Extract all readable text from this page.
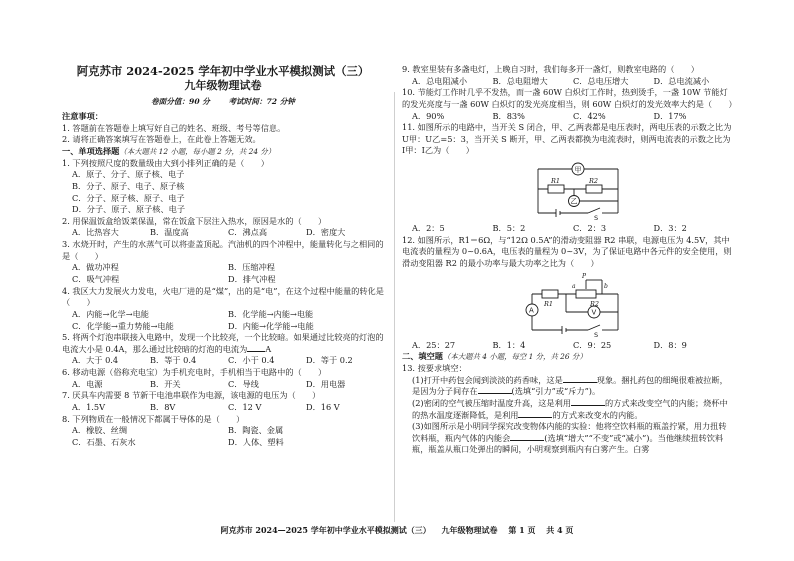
阿克苏市 2024-2025 学年初中学业水平模拟测试（三）
九年级物理试卷
卷面分值：90 分 考试时间：72 分钟
注意事项：
1. 答题前在答题卷上填写好自己的姓名、班级、考号等信息。
2. 请将正确答案填写在答题卷上，在此卷上答题无效。
一、单项选择题（本大题共 12 小题，每小题 2 分，共 24 分）
1. 下列按照尺度的数量级由大到小排列正确的是（　　）
A．原子、分子、原子核、电子
B．分子、原子、电子、原子核
C．分子、原子核、原子、电子
D．分子、原子、原子核、电子
2. 用保温饭盒给饭菜保温，常在饭盒下层注入热水，原因是水的（　　）
A．比热容大	B．温度高	C．沸点高	D．密度大
3. 水烧开时，产生的水蒸气可以将壶盖顶起。汽油机的四个冲程中，能量转化与之相同的是（　　）
A．做功冲程	B．压缩冲程
C．吸气冲程	D．排气冲程
4. 我区大力发展火力发电，火电厂进的是“煤”，出的是“电”，在这个过程中能量的转化是（　　）
A．内能→化学→电能	B．化学能→内能→电能
C．化学能→重力势能→电能	D．内能→化学能→电能
5. 将两个灯泡串联接入电路中，发现一个比较亮，一个比较暗。如果通过比较亮的灯泡的电流大小是 0.4A，那么通过比较暗的灯泡的电流为 A
A．大于 0.4	B．等于 0.4	C．小于 0.4	D．等于 0.2
6. 移动电源（俗称充电宝）为手机充电时，手机相当于电路中的（　　）
A．电源	B．开关	C．导线	D．用电器
7. 厌具车内需要 8 节新干电池串联作为电源，该电源的电压为（　　）
A．1.5V	B．8V	C．12 V	D．16 V
8. 下列物质在一般情况下都属于导体的是（　　）
A．橡胶、丝绸	B．陶瓷、金属
C．石墨、石灰水	D．人体、塑料
9. 教室里装有多盏电灯，上晚自习时，我们每多开一盏灯，则教室电路的（　　）
A．总电阻减小	B．总电阻增大	C．总电压增大	D．总电流减小
10. 节能灯工作时几乎不发热，而一盏 60W 白炽灯工作时，热到烫手，一盏 10W 节能灯的发光亮度与一盏 60W 白炽灯的发光亮度相当，则 60W 白炽灯的发光效率大约是（　　）
A．90%	B．83%	C．42%	D．17%
11. 如图所示的电路中，当开关 S 闭合，甲、乙两表都是电压表时，两电压表的示数之比为 U甲：U乙=5：3，当开关 S 断开，甲、乙两表都换为电流表时，则两电流表的示数之比为 I甲：I乙为（　　）
甲
R1	R2
乙
S
A．2：5	B．5：2	C．2：3	D．3：2
12. 如图所示，R1＝6Ω，与“12Ω 0.5A”的滑动变阻器 R2 串联，电源电压为 4.5V，其中电流表的量程为 0~0.6A，电压表的量程为 0~3V，为了保证电路中各元件的安全使用，则滑动变阻器 R2 的最小功率与最大功率之比为（　　）
R1	R2
a
P
b
A	V
S
A．25：27	B．1：4	C．9：25	D．8：9
二、填空题（本大题共 4 小题，每空 1 分，共 26 分）
13. 按要求填空：
(1)打开中药包会闻到淡淡的药香味，这是	现象。捆扎药包的细绳很难被拉断，是因为分子间存在	(选填“引力”或“斥力”)。
(2)密闭的空气被压缩时温度升高，这是利用	的方式来改变空气的内能；烧杯中的热水温度逐渐降低，是利用	的方式来改变水的内能。
(3)如图所示是小明同学探究改变物体内能的实验：他将空饮料瓶的瓶盖拧紧，用力扭转饮料瓶，瓶内气体的内能会	(选填“增大”“不变”或“减小”)。当他继续扭转饮料瓶，瓶盖从瓶口处弹出的瞬间，小明观察到瓶内有白雾产生。白雾
阿克苏市 2024—2025 学年初中学业水平模拟测试（三） 九年级物理试卷 第 1 页 共 4 页
